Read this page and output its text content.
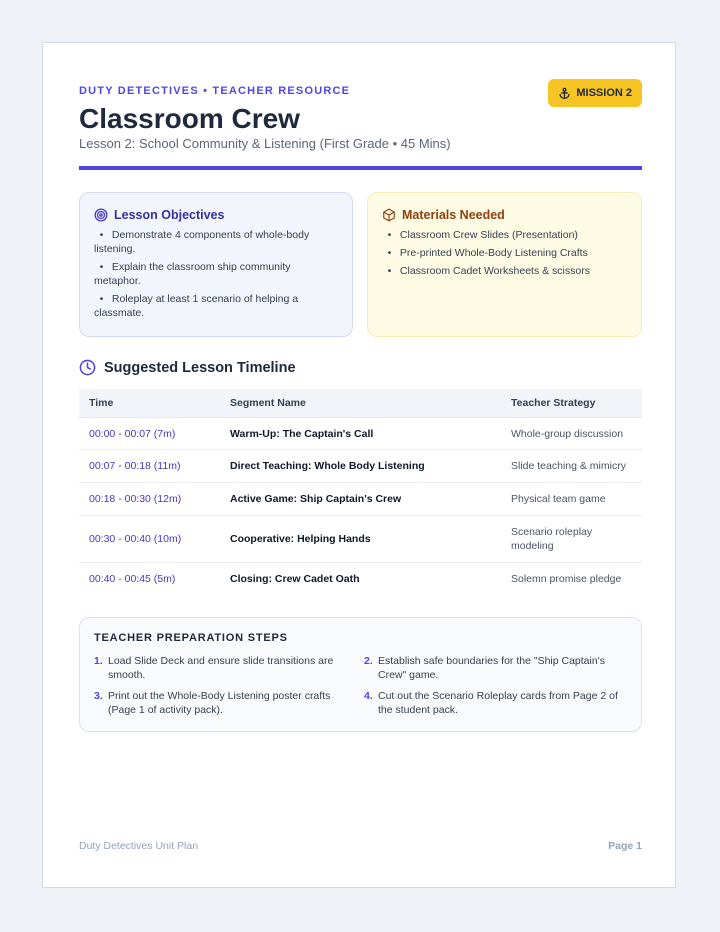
DUTY DETECTIVES • TEACHER RESOURCE	MISSION 2
Classroom Crew
Lesson 2: School Community & Listening (First Grade • 45 Mins)
Lesson Objectives
• Demonstrate 4 components of whole-body listening.
• Explain the classroom ship community metaphor.
• Roleplay at least 1 scenario of helping a classmate.
Materials Needed
• Classroom Crew Slides (Presentation)
• Pre-printed Whole-Body Listening Crafts
• Classroom Cadet Worksheets & scissors
Suggested Lesson Timeline
Time	Segment Name	Teacher Strategy
00:00 - 00:07 (7m)	Warm-Up: The Captain's Call	Whole-group discussion
00:07 - 00:18 (11m)	Direct Teaching: Whole Body Listening	Slide teaching & mimicry
00:18 - 00:30 (12m)	Active Game: Ship Captain's Crew	Physical team game
00:30 - 00:40 (10m)	Cooperative: Helping Hands	Scenario roleplay modeling
00:40 - 00:45 (5m)	Closing: Crew Cadet Oath	Solemn promise pledge
TEACHER PREPARATION STEPS
1. Load Slide Deck and ensure slide transitions are smooth.
2. Establish safe boundaries for the "Ship Captain's Crew" game.
3. Print out the Whole-Body Listening poster crafts (Page 1 of activity pack).
4. Cut out the Scenario Roleplay cards from Page 2 of the student pack.
Duty Detectives Unit Plan	Page 1
